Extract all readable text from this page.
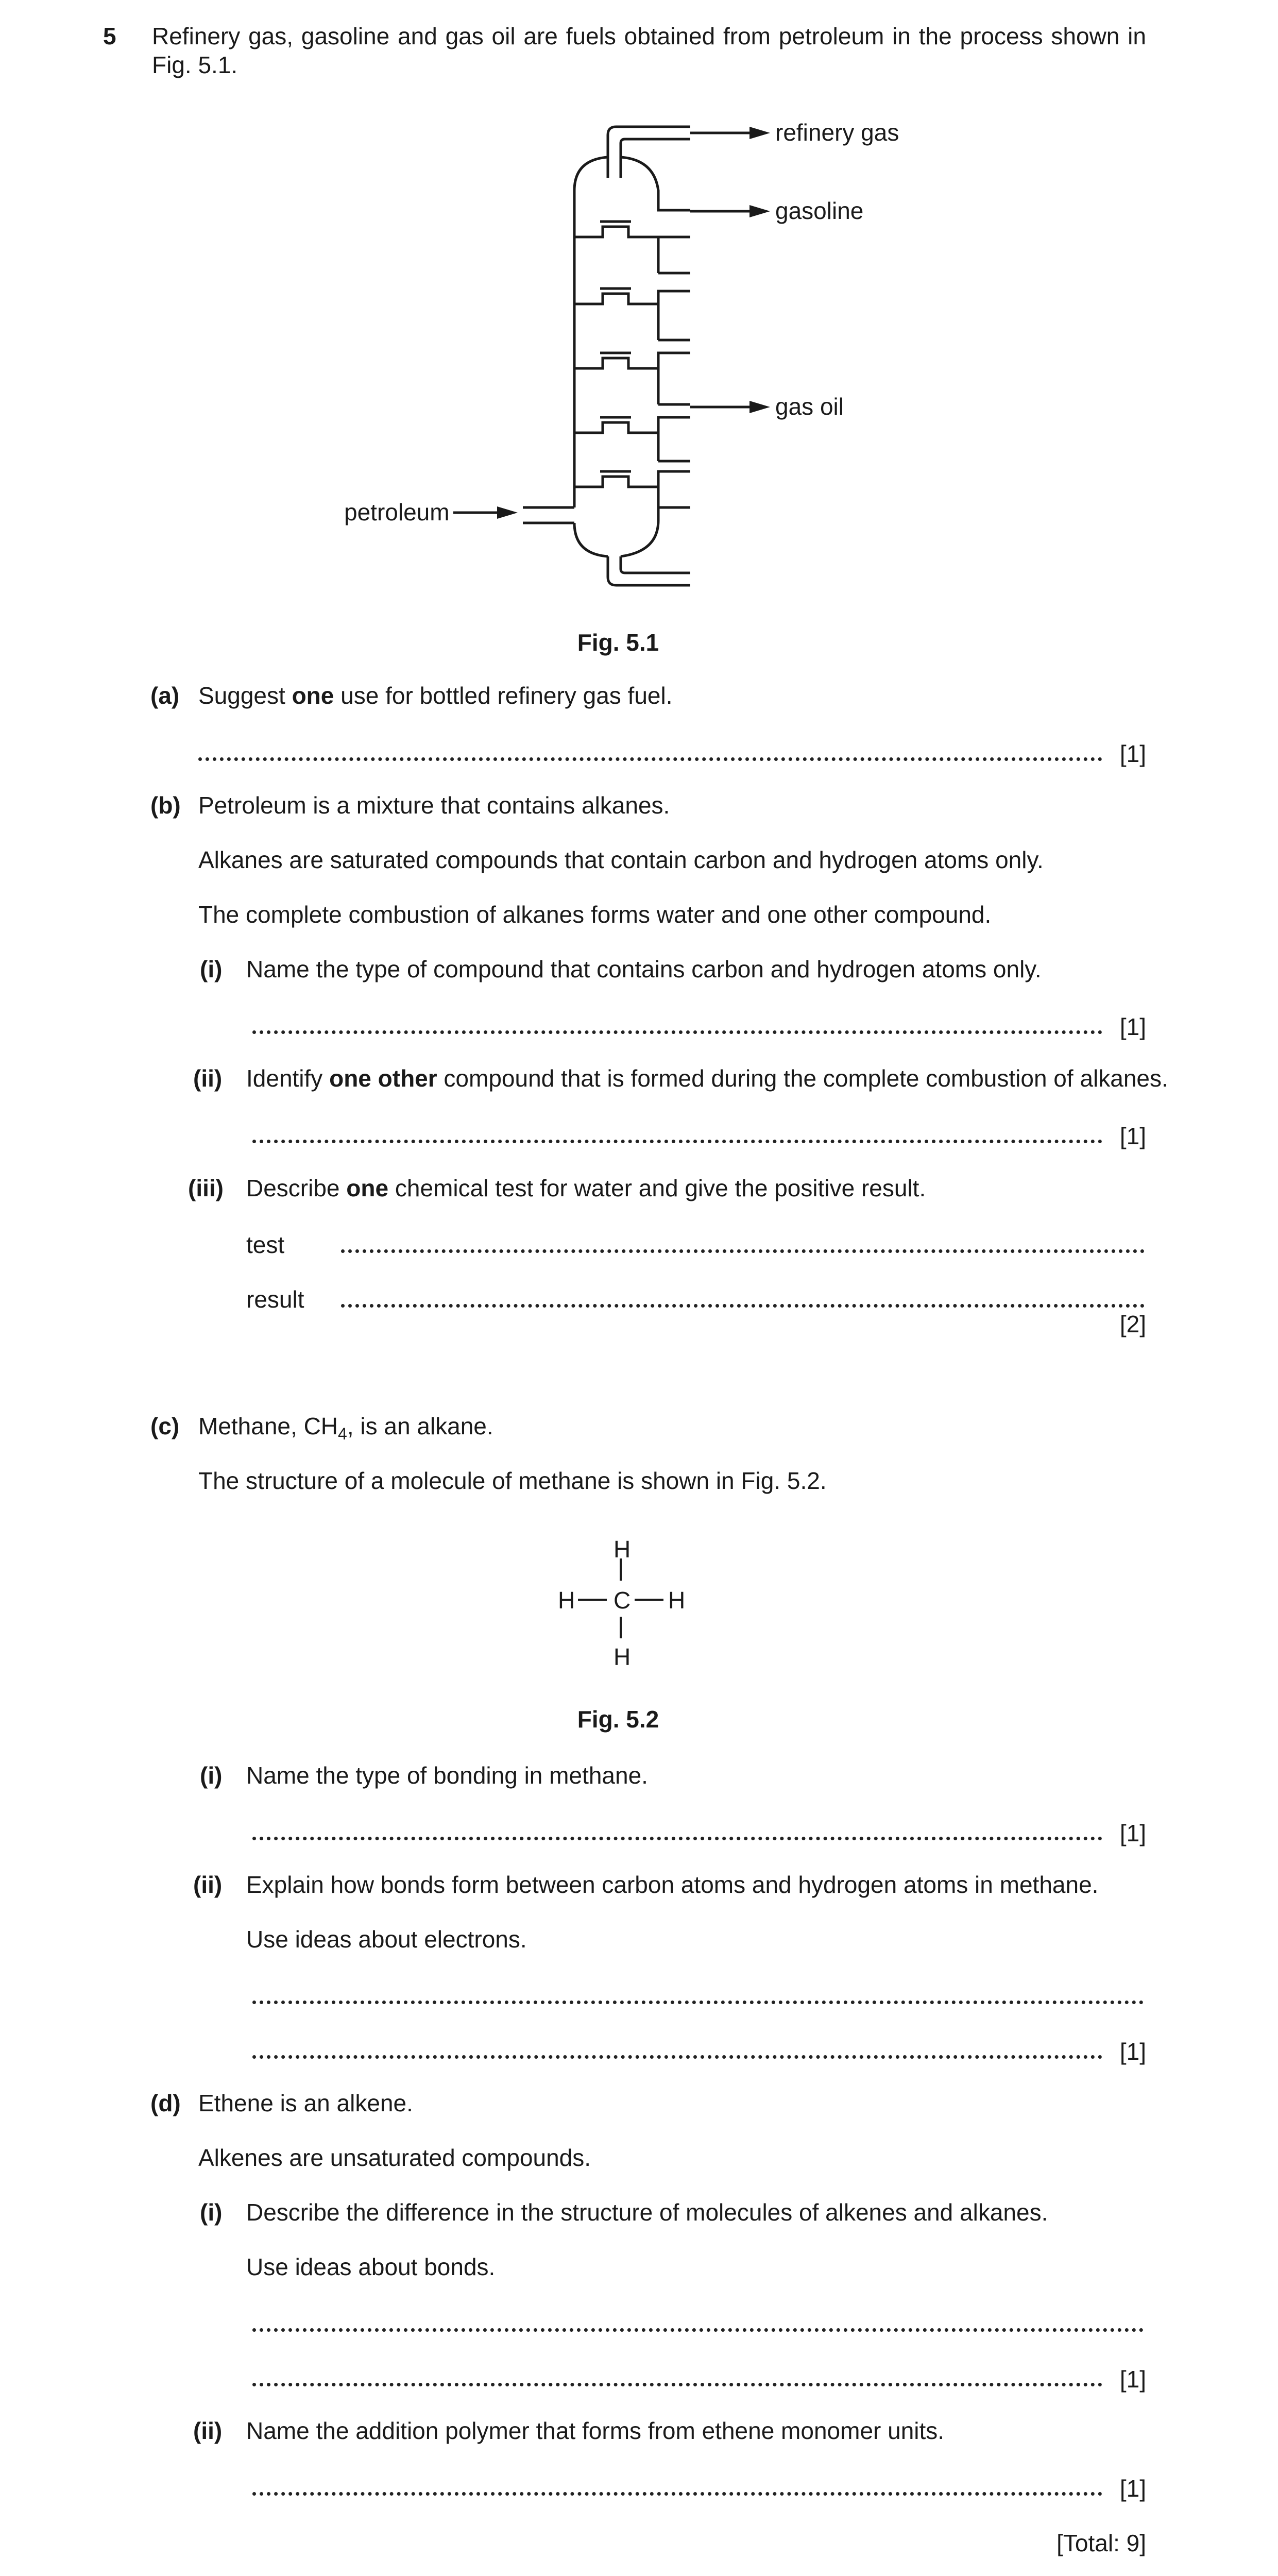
5 Refinery gas, gasoline and gas oil are fuels obtained from petroleum in the process shown in
Fig. 5.1.
refinery gas
gasoline
gas oil
petroleum
Fig. 5.1
(a) Suggest one use for bottled refinery gas fuel.
[1]
(b) Petroleum is a mixture that contains alkanes.
Alkanes are saturated compounds that contain carbon and hydrogen atoms only.
The complete combustion of alkanes forms water and one other compound.
(i) Name the type of compound that contains carbon and hydrogen atoms only.
[1]
(ii) Identify one other compound that is formed during the complete combustion of alkanes.
[1]
(iii) Describe one chemical test for water and give the positive result.
test
result
[2]
(c) Methane, $CH_4$, is an alkane.
The structure of a molecule of methane is shown in Fig. 5.2.
H
C
H	H
H
Fig. 5.2
(i) Name the type of bonding in methane.
[1]
(ii) Explain how bonds form between carbon atoms and hydrogen atoms in methane.
Use ideas about electrons.
[1]
(d) Ethene is an alkene.
Alkenes are unsaturated compounds.
(i) Describe the difference in the structure of molecules of alkenes and alkanes.
Use ideas about bonds.
[1]
(ii) Name the addition polymer that forms from ethene monomer units.
[1]
[Total: 9]
